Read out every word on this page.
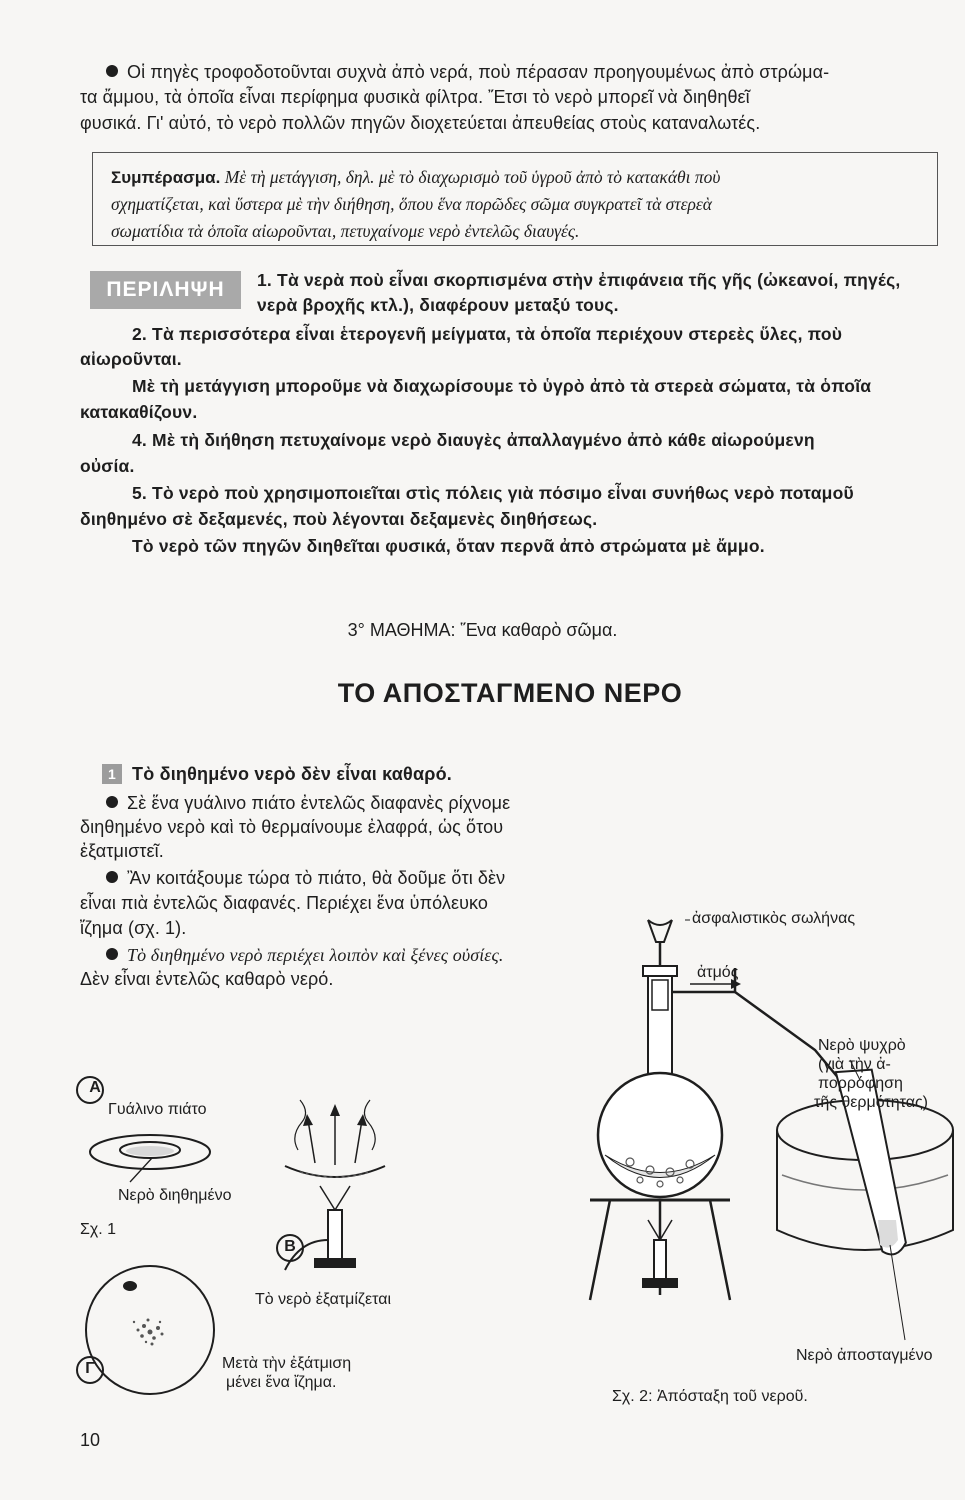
Οἱ πηγὲς τροφοδοτοῦνται συχνὰ ἀπὸ νερά, ποὺ πέρασαν προηγουμένως ἀπὸ στρώμα-
τα ἄμμου, τὰ ὁποῖα εἶναι περίφημα φυσικὰ φίλτρα. Ἔτσι τὸ νερὸ μπορεῖ νὰ διηθηθεῖ
φυσικά. Γι' αὐτό, τὸ νερὸ πολλῶν πηγῶν διοχετεύεται ἀπευθείας στοὺς καταναλωτές.
Συμπέρασμα. Μὲ τὴ μετάγγιση, δηλ. μὲ τὸ διαχωρισμὸ τοῦ ὑγροῦ ἀπὸ τὸ κατακάθι ποὺ
σχηματίζεται, καὶ ὕστερα μὲ τὴν διήθηση, ὅπου ἕνα πορῶδες σῶμα συγκρατεῖ τὰ στερεὰ
σωματίδια τὰ ὁποῖα αἰωροῦνται, πετυχαίνομε νερὸ ἐντελῶς διαυγές.
ΠΕΡΙΛΗΨΗ	1. Τὰ νερὰ ποὺ εἶναι σκορπισμένα στὴν ἐπιφάνεια τῆς γῆς (ὠκεανοί, πηγές,
νερὰ βροχῆς κτλ.), διαφέρουν μεταξύ τους.
2. Τὰ περισσότερα εἶναι ἑτερογενῆ μείγματα, τὰ ὁποῖα περιέχουν στερεὲς ὕλες, ποὺ
αἰωροῦνται.
Μὲ τὴ μετάγγιση μποροῦμε νὰ διαχωρίσουμε τὸ ὑγρὸ ἀπὸ τὰ στερεὰ σώματα, τὰ ὁποῖα
κατακαθίζουν.
4. Μὲ τὴ διήθηση πετυχαίνομε νερὸ διαυγὲς ἀπαλλαγμένο ἀπὸ κάθε αἰωρούμενη
οὐσία.
5. Τὸ νερὸ ποὺ χρησιμοποιεῖται στὶς πόλεις γιὰ πόσιμο εἶναι συνήθως νερὸ ποταμοῦ
διηθημένο σὲ δεξαμενές, ποὺ λέγονται δεξαμενὲς διηθήσεως.
Τὸ νερὸ τῶν πηγῶν διηθεῖται φυσικά, ὅταν περνᾶ ἀπὸ στρώματα μὲ ἄμμο.
3° ΜΑΘΗΜΑ: Ἕνα καθαρὸ σῶμα.
ΤΟ ΑΠΟΣΤΑΓΜΕΝΟ ΝΕΡΟ
1 Τὸ διηθημένο νερὸ δὲν εἶναι καθαρό.
Σὲ ἕνα γυάλινο πιάτο ἐντελῶς διαφανὲς ρίχνομε
διηθημένο νερὸ καὶ τὸ θερμαίνουμε ἐλαφρά, ὡς ὅτου
ἐξατμιστεῖ.
Ἂν κοιτάξουμε τώρα τὸ πιάτο, θὰ δοῦμε ὅτι δὲν
εἶναι πιὰ ἐντελῶς διαφανές. Περιέχει ἕνα ὑπόλευκο
ἴζημα (σχ. 1).
Τὸ διηθημένο νερὸ περιέχει λοιπὸν καὶ ξένες οὐσίες.
Δὲν εἶναι ἐντελῶς καθαρὸ νερό.
Α
Γυάλινο πιάτο
Νερὸ διηθημένο
Σχ. 1
Β
Τὸ νερὸ ἐξατμίζεται
Γ	Μετὰ τὴν ἐξάτμιση
μένει ἕνα ἴζημα.
ἀσφαλιστικὸς σωλήνας
ἀτμός
Νερὸ ψυχρὸ
(γιὰ τὴν ἀ-
πορρόφηση
τῆς θερμότητας)
Νερὸ ἀποσταγμένο
Σχ. 2: Ἀπόσταξη τοῦ νεροῦ.
10
